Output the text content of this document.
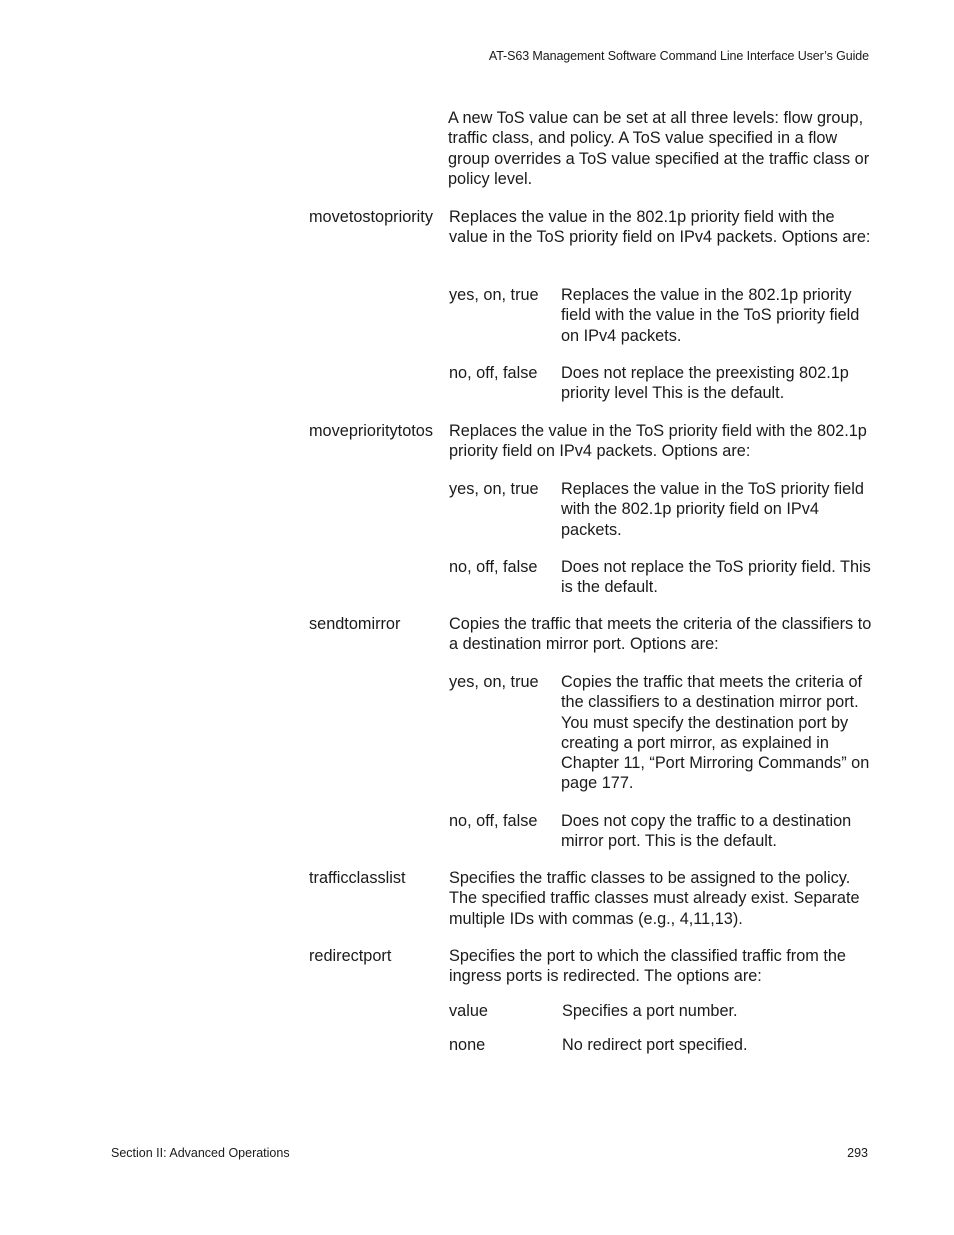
AT-S63 Management Software Command Line Interface User’s Guide
A new ToS value can be set at all three levels: flow group, traffic class, and policy. A ToS value specified in a flow group overrides a ToS value specified at the traffic class or policy level.
movetostopriority Replaces the value in the 802.1p priority field with the value in the ToS priority field on IPv4 packets. Options are:
yes, on, true Replaces the value in the 802.1p priority field with the value in the ToS priority field on IPv4 packets.
no, off, false Does not replace the preexisting 802.1p priority level This is the default.
moveprioritytotos Replaces the value in the ToS priority field with the 802.1p priority field on IPv4 packets. Options are:
yes, on, true Replaces the value in the ToS priority field with the 802.1p priority field on IPv4 packets.
no, off, false Does not replace the ToS priority field. This is the default.
sendtomirror	Copies the traffic that meets the criteria of the classifiers to a destination mirror port. Options are:
yes, on, true Copies the traffic that meets the criteria of the classifiers to a destination mirror port. You must specify the destination port by creating a port mirror, as explained in Chapter 11, “Port Mirroring Commands” on page 177.
no, off, false Does not copy the traffic to a destination mirror port. This is the default.
trafficclasslist	Specifies the traffic classes to be assigned to the policy. The specified traffic classes must already exist. Separate multiple IDs with commas (e.g., 4,11,13).
redirectport	Specifies the port to which the classified traffic from the ingress ports is redirected. The options are:
value	Specifies a port number.
none	No redirect port specified.
Section II: Advanced Operations	293
